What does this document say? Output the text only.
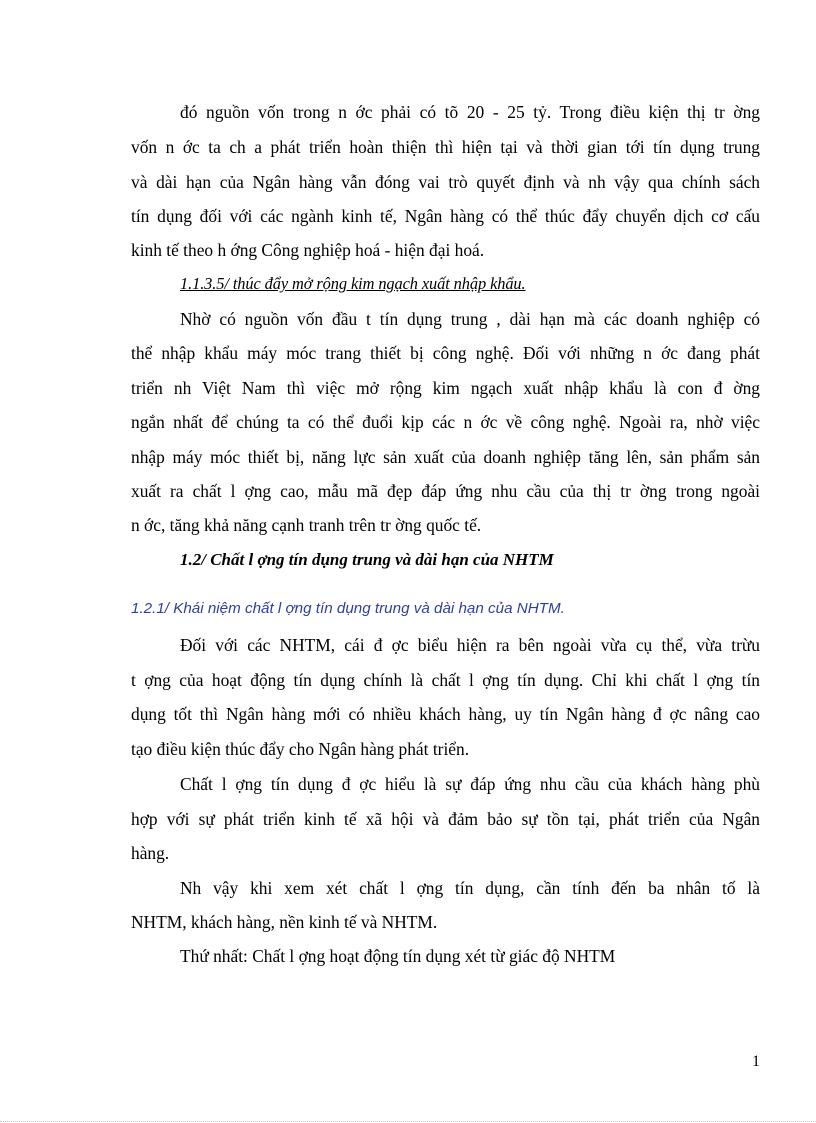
đó nguồn vốn trong n ớc phải có tõ 20 - 25 tỷ. Trong điều kiện thị tr ờng
vốn n ớc ta ch a phát triển hoàn thiện thì hiện tại và thời gian tới tín dụng trung
và dài hạn của Ngân hàng vẫn đóng vai trò quyết định và nh vậy qua chính sách
tín dụng đối với các ngành kinh tế, Ngân hàng có thể thúc đẩy chuyển dịch cơ cấu
kinh tế theo h ớng Công nghiệp hoá - hiện đại hoá.
1.1.3.5/ thúc đẩy mở rộng kim ngạch xuất nhập khẩu.
Nhờ có nguồn vốn đầu t tín dụng trung , dài hạn mà các doanh nghiệp có
thể nhập khẩu máy móc trang thiết bị công nghệ. Đối với những n ớc đang phát
triển nh Việt Nam thì việc mở rộng kim ngạch xuất nhập khẩu là con đ ờng
ngắn nhất để chúng ta có thể đuổi kịp các n ớc về công nghệ. Ngoài ra, nhờ việc
nhập máy móc thiết bị, năng lực sản xuất của doanh nghiệp tăng lên, sản phẩm sản
xuất ra chất l ợng cao, mẫu mã đẹp đáp ứng nhu cầu của thị tr ờng trong ngoài
n ớc, tăng khả năng cạnh tranh trên tr ờng quốc tế.
1.2/ Chất l ợng tín dụng trung và dài hạn của NHTM
1.2.1/ Khái niệm chất l ợng tín dụng trung và dài hạn của NHTM.
Đối với các NHTM, cái đ ợc biểu hiện ra bên ngoài vừa cụ thể, vừa trừu
t ợng của hoạt động tín dụng chính là chất l ợng tín dụng. Chỉ khi chất l ợng tín
dụng tốt thì Ngân hàng mới có nhiều khách hàng, uy tín Ngân hàng đ ợc nâng cao
tạo điều kiện thúc đẩy cho Ngân hàng phát triển.
Chất l ợng tín dụng đ ợc hiểu là sự đáp ứng nhu cầu của khách hàng phù
hợp với sự phát triển kinh tế xã hội và đảm bảo sự tồn tại, phát triển của Ngân
hàng.
Nh vậy khi xem xét chất l ợng tín dụng, cần tính đến ba nhân tố là
NHTM, khách hàng, nền kinh tế và NHTM.
Thứ nhất: Chất l ợng hoạt động tín dụng xét từ giác độ NHTM
1
